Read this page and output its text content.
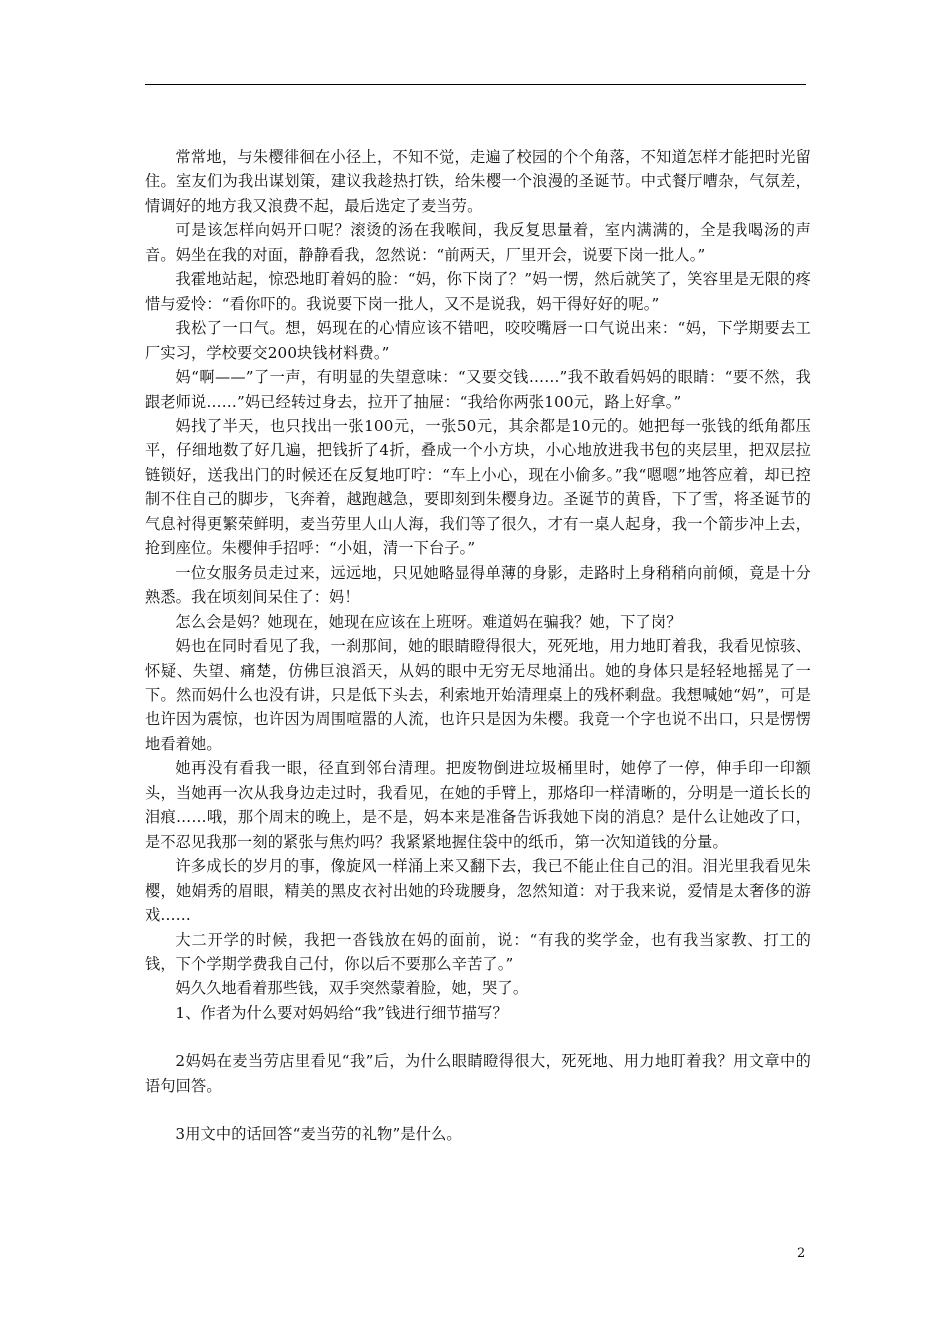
常常地，与朱樱徘徊在小径上，不知不觉，走遍了校园的个个角落，不知道怎样才能把时光留住。室友们为我出谋划策，建议我趁热打铁，给朱樱一个浪漫的圣诞节。中式餐厅嘈杂，气氛差，情调好的地方我又浪费不起，最后选定了麦当劳。

可是该怎样向妈开口呢？滚烫的汤在我喉间，我反复思量着，室内满满的，全是我喝汤的声音。妈坐在我的对面，静静看我，忽然说：“前两天，厂里开会，说要下岗一批人。”

我霍地站起，惊恐地盯着妈的脸：“妈，你下岗了？”妈一愣，然后就笑了，笑容里是无限的疼惜与爱怜：“看你吓的。我说要下岗一批人，又不是说我，妈干得好好的呢。”

我松了一口气。想，妈现在的心情应该不错吧，咬咬嘴唇一口气说出来：“妈，下学期要去工厂实习，学校要交200块钱材料费。”

妈“啊——”了一声，有明显的失望意味：“又要交钱……”我不敢看妈妈的眼睛：“要不然，我跟老师说……”妈已经转过身去，拉开了抽屉：“我给你两张100元，路上好拿。”

妈找了半天，也只找出一张100元，一张50元，其余都是10元的。她把每一张钱的纸角都压平，仔细地数了好几遍，把钱折了4折，叠成一个小方块，小心地放进我书包的夹层里，把双层拉链锁好，送我出门的时候还在反复地叮咛：“车上小心，现在小偷多。”我“嗯嗯”地答应着，却已控制不住自己的脚步，飞奔着，越跑越急，要即刻到朱樱身边。圣诞节的黄昏，下了雪，将圣诞节的气息衬得更繁荣鲜明，麦当劳里人山人海，我们等了很久，才有一桌人起身，我一个箭步冲上去，抢到座位。朱樱伸手招呼：“小姐，清一下台子。”

一位女服务员走过来，远远地，只见她略显得单薄的身影，走路时上身稍稍向前倾，竟是十分熟悉。我在顷刻间呆住了：妈！

怎么会是妈？她现在，她现在应该在上班呀。难道妈在骗我？她，下了岗？

妈也在同时看见了我，一刹那间，她的眼睛瞪得很大，死死地，用力地盯着我，我看见惊骇、怀疑、失望、痛楚，仿佛巨浪滔天，从妈的眼中无穷无尽地涌出。她的身体只是轻轻地摇晃了一下。然而妈什么也没有讲，只是低下头去，利索地开始清理桌上的残杯剩盘。我想喊她“妈”，可是也许因为震惊，也许因为周围喧嚣的人流，也许只是因为朱樱。我竟一个字也说不出口，只是愣愣地看着她。

她再没有看我一眼，径直到邻台清理。把废物倒进垃圾桶里时，她停了一停，伸手印一印额头，当她再一次从我身边走过时，我看见，在她的手臂上，那烙印一样清晰的，分明是一道长长的泪痕……哦，那个周末的晚上，是不是，妈本来是准备告诉我她下岗的消息？是什么让她改了口，是不忍见我那一刻的紧张与焦灼吗？我紧紧地握住袋中的纸币，第一次知道钱的分量。

许多成长的岁月的事，像旋风一样涌上来又翻下去，我已不能止住自己的泪。泪光里我看见朱樱，她娟秀的眉眼，精美的黑皮衣衬出她的玲珑腰身，忽然知道：对于我来说，爱情是太奢侈的游戏……

大二开学的时候，我把一沓钱放在妈的面前，说：“有我的奖学金，也有我当家教、打工的钱，下个学期学费我自己付，你以后不要那么辛苦了。”

妈久久地看着那些钱，双手突然蒙着脸，她，哭了。

1、作者为什么要对妈妈给“我”钱进行细节描写？

2妈妈在麦当劳店里看见“我”后，为什么眼睛瞪得很大，死死地、用力地盯着我？用文章中的语句回答。

3用文中的话回答“麦当劳的礼物”是什么。

2
